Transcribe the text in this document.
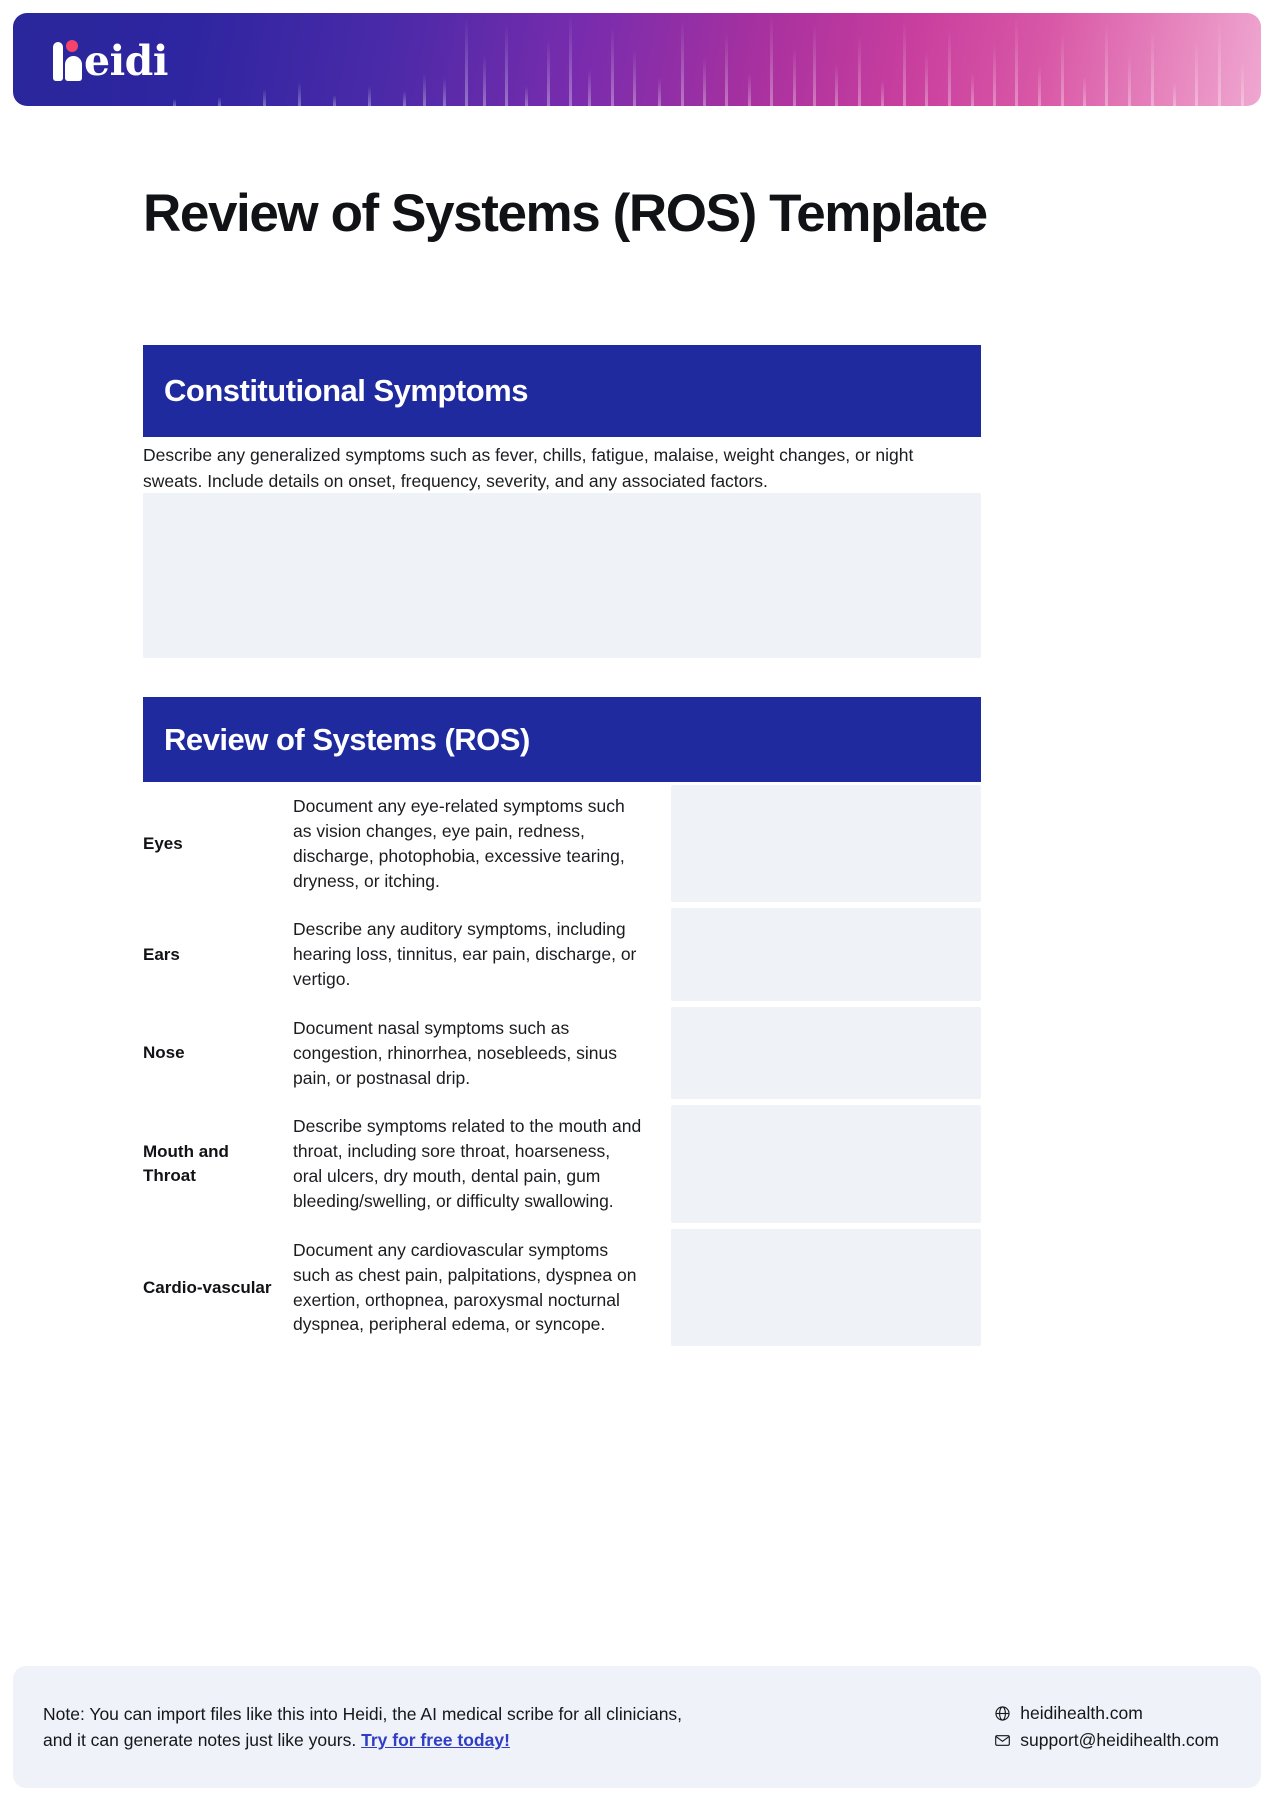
eidi
Review of Systems (ROS) Template
Constitutional Symptoms

Describe any generalized symptoms such as fever, chills, fatigue, malaise, weight changes, or night sweats. Include details on onset, frequency, severity, and any associated factors.

Review of Systems (ROS)
Eyes
Document any eye-related symptoms such as vision changes, eye pain, redness, discharge, photophobia, excessive tearing, dryness, or itching.
Ears
Describe any auditory symptoms, including hearing loss, tinnitus, ear pain, discharge, or vertigo.
Nose
Document nasal symptoms such as congestion, rhinorrhea, nosebleeds, sinus pain, or postnasal drip.
Mouth and Throat
Describe symptoms related to the mouth and throat, including sore throat, hoarseness, oral ulcers, dry mouth, dental pain, gum bleeding/swelling, or difficulty swallowing.
Cardio-vascular
Document any cardiovascular symptoms such as chest pain, palpitations, dyspnea on exertion, orthopnea, paroxysmal nocturnal dyspnea, peripheral edema, or syncope.
Note: You can import files like this into Heidi, the AI medical scribe for all clinicians, and it can generate notes just like yours. Try for free today!
heidihealth.com
support@heidihealth.com
